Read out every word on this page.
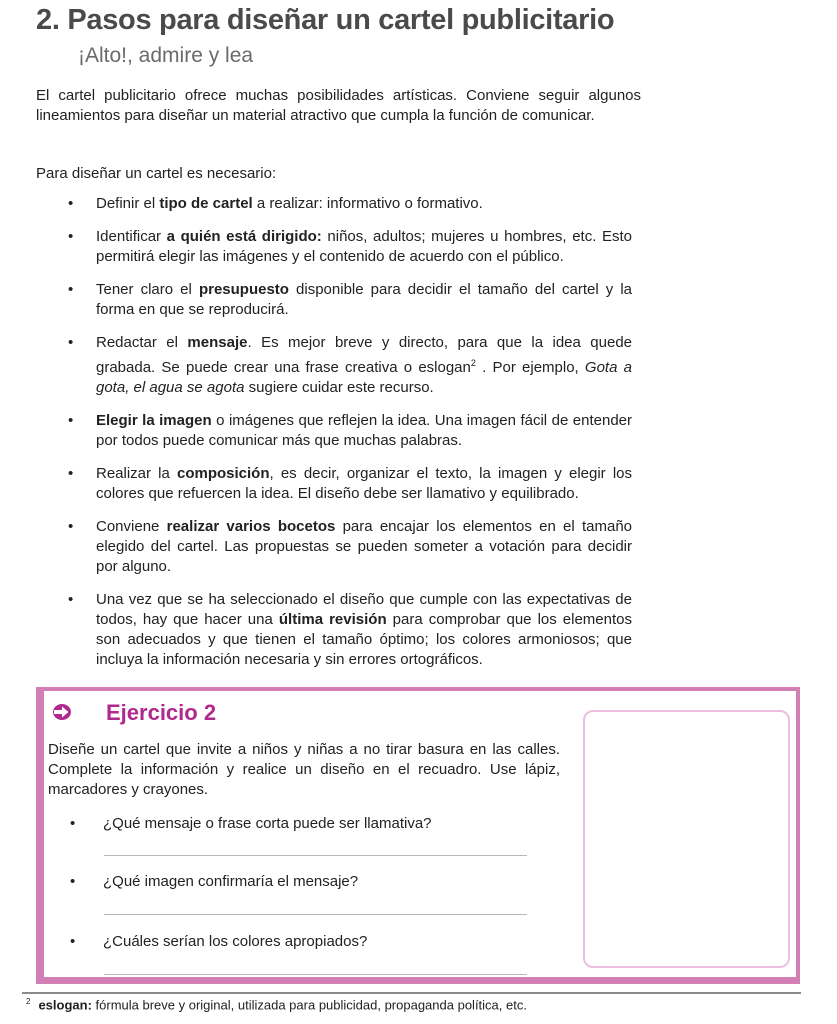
2. Pasos para diseñar un cartel publicitario
¡Alto!, admire y lea
El cartel publicitario ofrece muchas posibilidades artísticas. Conviene seguir algunos lineamientos para diseñar un material atractivo que cumpla la función de comunicar.
Para diseñar un cartel es necesario:
• Definir el tipo de cartel a realizar: informativo o formativo.
• Identificar a quién está dirigido: niños, adultos; mujeres u hombres, etc. Esto permitirá elegir las imágenes y el contenido de acuerdo con el público.
• Tener claro el presupuesto disponible para decidir el tamaño del cartel y la forma en que se reproducirá.
• Redactar el mensaje. Es mejor breve y directo, para que la idea quede grabada. Se puede crear una frase creativa o eslogan$^2$ . Por ejemplo, Gota a gota, el agua se agota sugiere cuidar este recurso.
• Elegir la imagen o imágenes que reflejen la idea. Una imagen fácil de entender por todos puede comunicar más que muchas palabras.
• Realizar la composición, es decir, organizar el texto, la imagen y elegir los colores que refuercen la idea. El diseño debe ser llamativo y equilibrado.
• Conviene realizar varios bocetos para encajar los elementos en el tamaño elegido del cartel. Las propuestas se pueden someter a votación para decidir por alguno.
• Una vez que se ha seleccionado el diseño que cumple con las expectativas de todos, hay que hacer una última revisión para comprobar que los elementos son adecuados y que tienen el tamaño óptimo; los colores armoniosos; que incluya la información necesaria y sin errores ortográficos.
Ejercicio 2
Diseñe un cartel que invite a niños y niñas a no tirar basura en las calles. Complete la información y realice un diseño en el recuadro. Use lápiz, marcadores y crayones.
• ¿Qué mensaje o frase corta puede ser llamativa?
• ¿Qué imagen confirmaría el mensaje?
• ¿Cuáles serían los colores apropiados?
$^2$ eslogan: fórmula breve y original, utilizada para publicidad, propaganda política, etc.
